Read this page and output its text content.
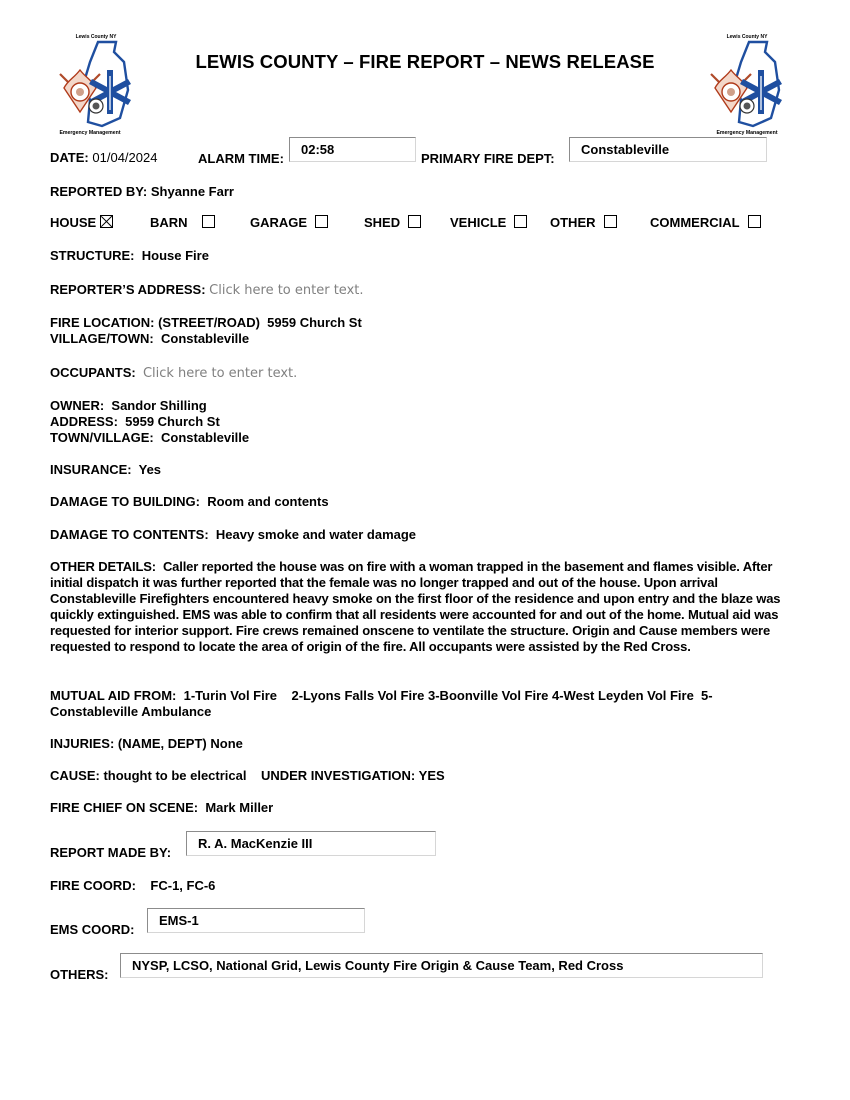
LEWIS COUNTY – FIRE REPORT – NEWS RELEASE
Lewis County NY
Emergency Management
Lewis County NY
Emergency Management
DATE: 01/04/2024	ALARM TIME:
02:58
PRIMARY FIRE DEPT:
Constableville
REPORTED BY: Shyanne Farr
HOUSE	BARN	GARAGE	SHED	VEHICLE	OTHER	COMMERCIAL
STRUCTURE: House Fire
REPORTER’S ADDRESS: Click here to enter text.
FIRE LOCATION: (STREET/ROAD) 5959 Church St
VILLAGE/TOWN: Constableville
OCCUPANTS: Click here to enter text.
OWNER: Sandor Shilling
ADDRESS: 5959 Church St
TOWN/VILLAGE: Constableville
INSURANCE: Yes
DAMAGE TO BUILDING: Room and contents
DAMAGE TO CONTENTS: Heavy smoke and water damage
OTHER DETAILS: Caller reported the house was on fire with a woman trapped in the basement and flames visible. After initial dispatch it was further reported that the female was no longer trapped and out of the house. Upon arrival Constableville Firefighters encountered heavy smoke on the first floor of the residence and upon entry and the blaze was quickly extinguished. EMS was able to confirm that all residents were accounted for and out of the home. Mutual aid was requested for interior support. Fire crews remained onscene to ventilate the structure. Origin and Cause members were requested to respond to locate the area of origin of the fire. All occupants were assisted by the Red Cross.
MUTUAL AID FROM: 1-Turin Vol Fire    2-Lyons Falls Vol Fire 3-Boonville Vol Fire 4-West Leyden Vol Fire  5-Constableville Ambulance
INJURIES: (NAME, DEPT) None
CAUSE: thought to be electrical UNDER INVESTIGATION: YES
FIRE CHIEF ON SCENE: Mark Miller
REPORT MADE BY:
R. A. MacKenzie III
FIRE COORD: FC-1, FC-6
EMS COORD:
EMS-1
OTHERS:
NYSP, LCSO, National Grid, Lewis County Fire Origin & Cause Team, Red Cross
